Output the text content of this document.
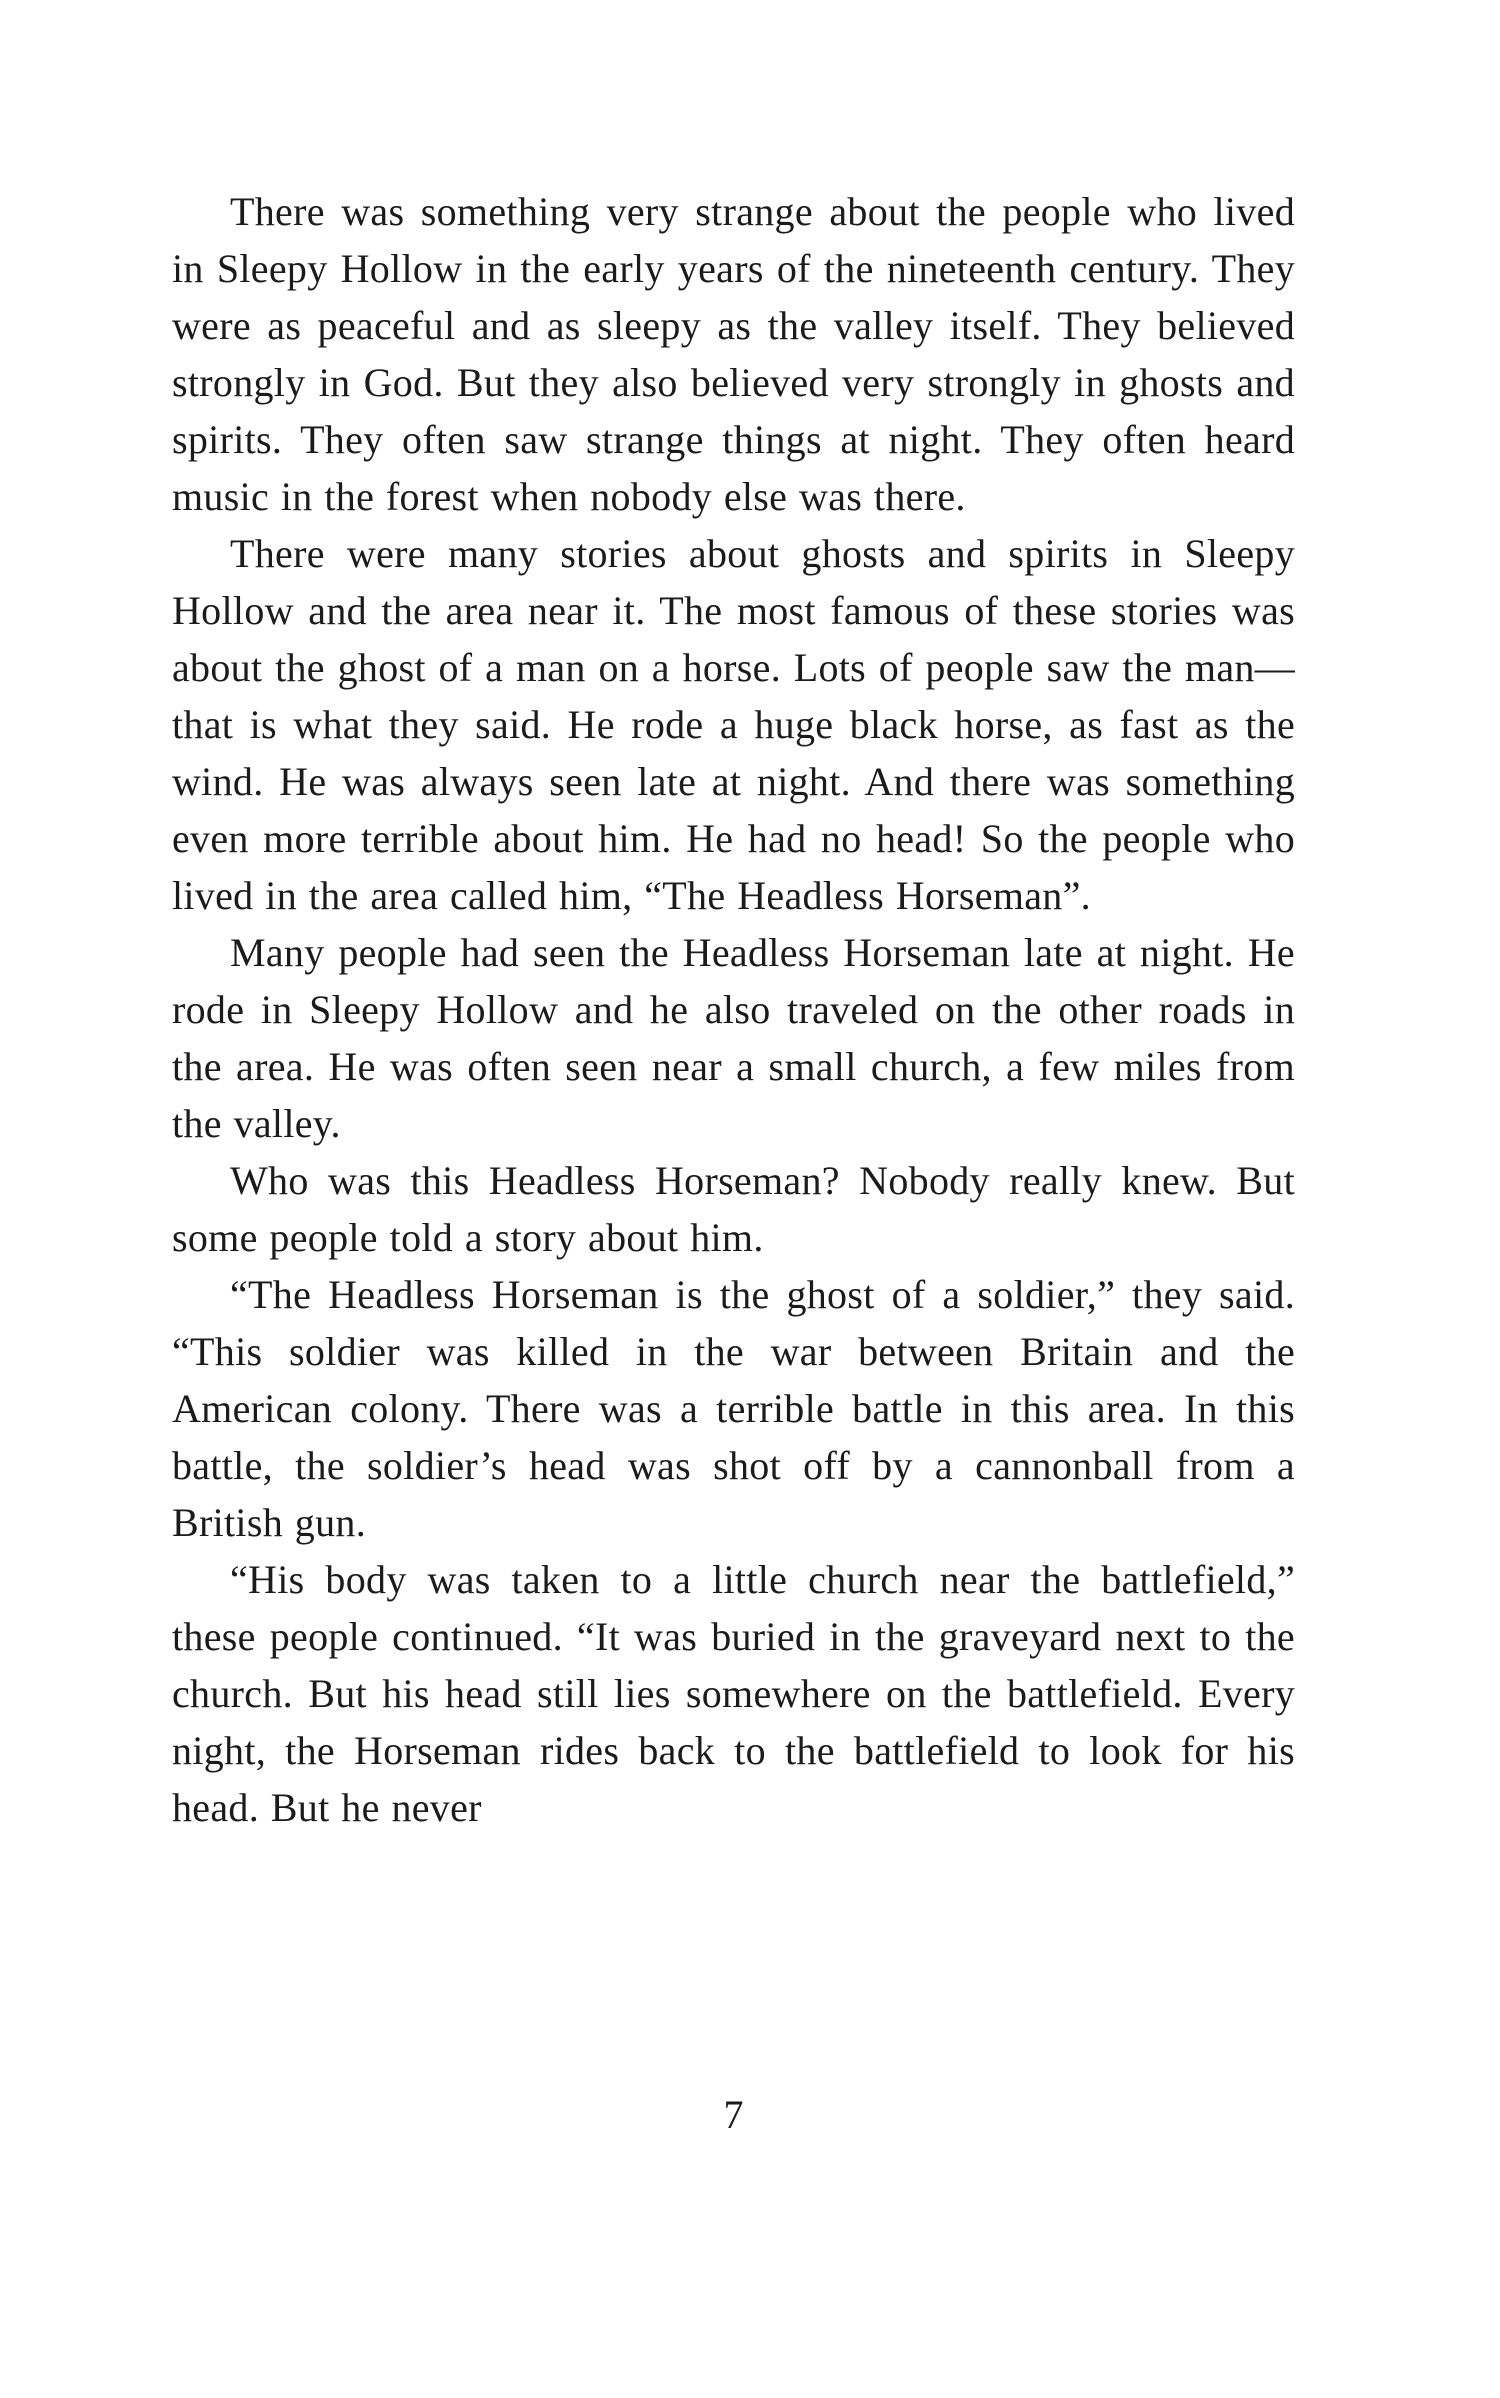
There was something very strange about the people who lived in Sleepy Hollow in the early years of the nineteenth century. They were as peaceful and as sleepy as the valley itself. They believed strongly in God. But they also believed very strongly in ghosts and spirits. They often saw strange things at night. They often heard music in the forest when nobody else was there.

There were many stories about ghosts and spirits in Sleepy Hollow and the area near it. The most famous of these stories was about the ghost of a man on a horse. Lots of people saw the man—that is what they said. He rode a huge black horse, as fast as the wind. He was always seen late at night. And there was something even more terrible about him. He had no head! So the people who lived in the area called him, “The Headless Horseman”.

Many people had seen the Headless Horseman late at night. He rode in Sleepy Hollow and he also traveled on the other roads in the area. He was often seen near a small church, a few miles from the valley.

Who was this Headless Horseman? Nobody really knew. But some people told a story about him.

“The Headless Horseman is the ghost of a soldier,” they said. “This soldier was killed in the war between Britain and the American colony. There was a terrible battle in this area. In this battle, the soldier’s head was shot off by a cannonball from a British gun.

“His body was taken to a little church near the battlefield,” these people continued. “It was buried in the graveyard next to the church. But his head still lies somewhere on the battlefield. Every night, the Horseman rides back to the battlefield to look for his head. But he never

7
